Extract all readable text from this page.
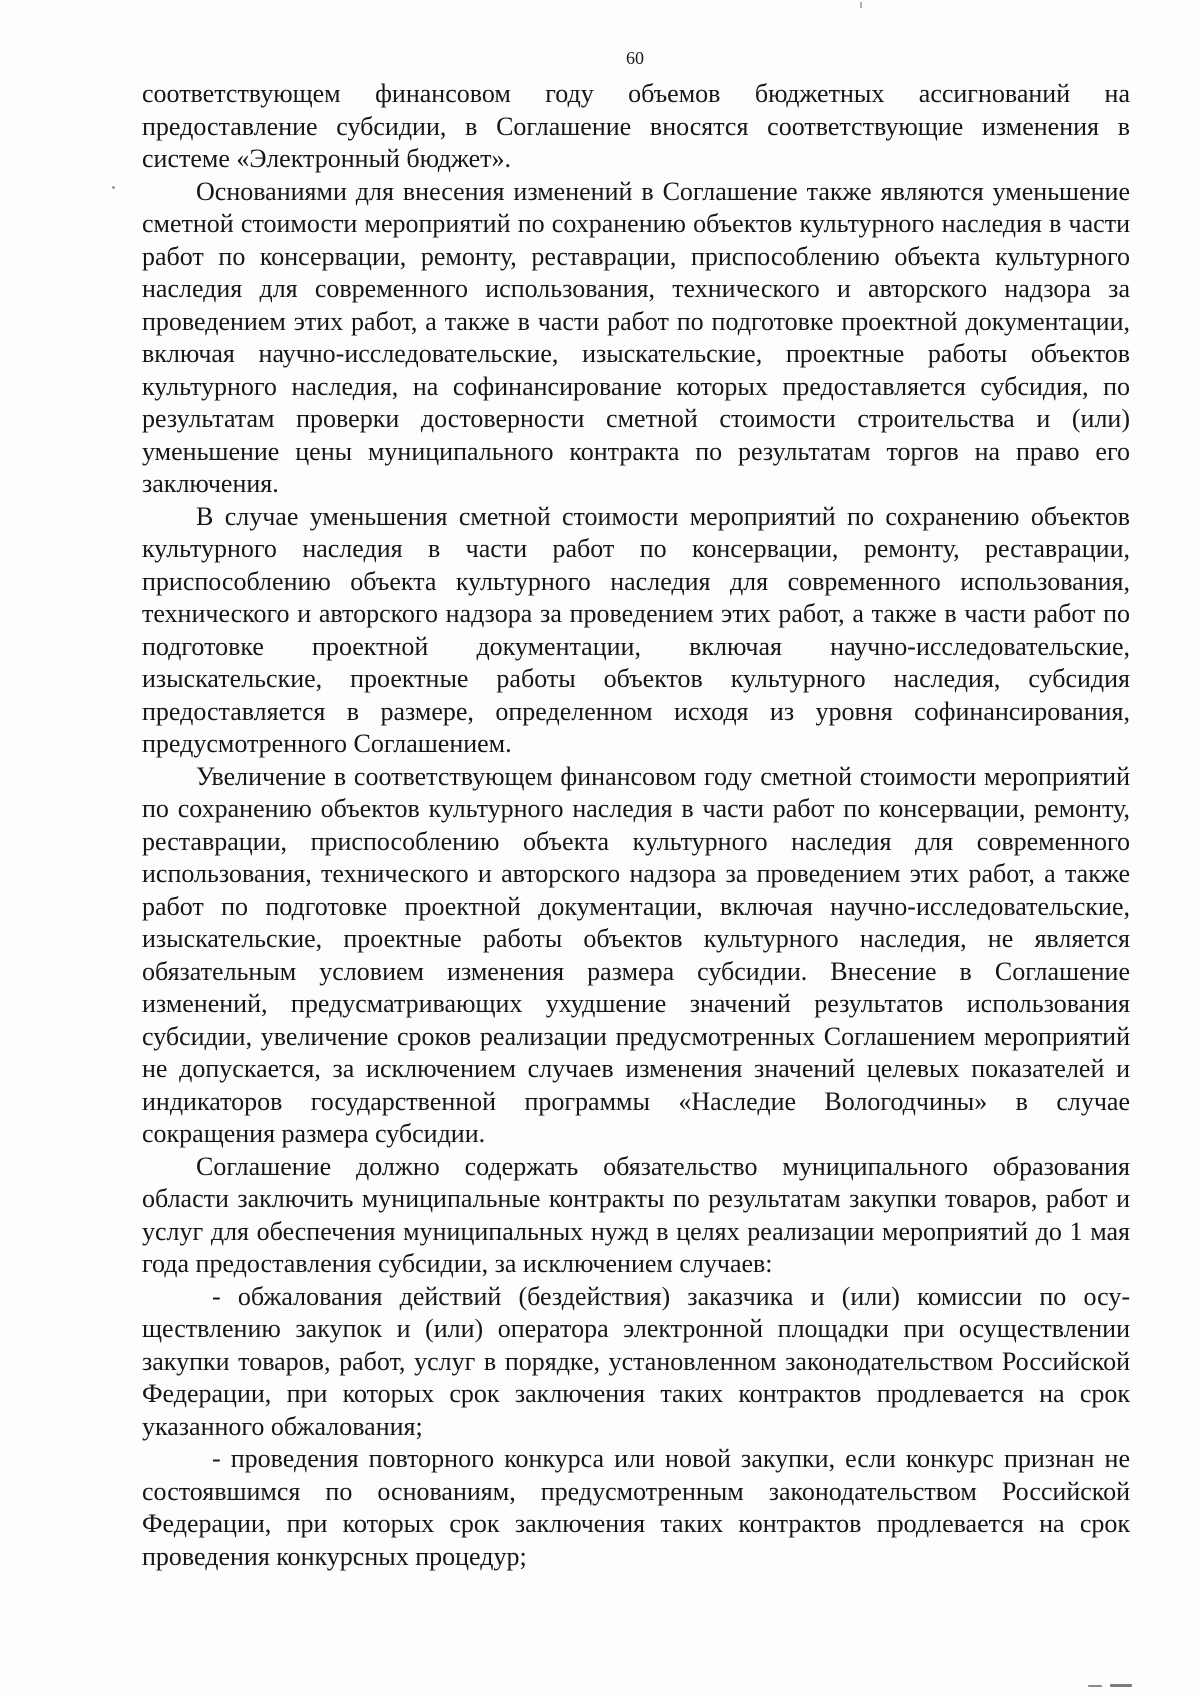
60

соответствующем финансовом году объемов бюджетных ассигнований на предоставление субсидии, в Соглашение вносятся соответствующие изменения в системе «Электронный бюджет».

Основаниями для внесения изменений в Соглашение также являются уменьшение сметной стоимости мероприятий по сохранению объектов культурного наследия в части работ по консервации, ремонту, реставрации, приспособлению объекта культурного наследия для современного использования, технического и авторского надзора за проведением этих работ, а также в части работ по подготовке проектной документации, включая научно-исследовательские, изыскательские, проектные работы объектов культурного наследия, на софинансирование которых предоставляется субсидия, по результатам проверки достоверности сметной стоимости строительства и (или) уменьшение цены муниципального контракта по результатам торгов на право его заключения.

В случае уменьшения сметной стоимости мероприятий по сохранению объектов культурного наследия в части работ по консервации, ремонту, реставрации, приспособлению объекта культурного наследия для современного использования, технического и авторского надзора за проведением этих работ, а также в части работ по подготовке проектной документации, включая научно-исследовательские, изыскательские, проектные работы объектов культурного наследия, субсидия предоставляется в размере, определенном исходя из уровня софинансирования, предусмотренного Соглашением.

Увеличение в соответствующем финансовом году сметной стоимости мероприятий по сохранению объектов культурного наследия в части работ по консервации, ремонту, реставрации, приспособлению объекта культурного наследия для современного использования, технического и авторского надзора за проведением этих работ, а также работ по подготовке проектной документации, включая научно-исследовательские, изыскательские, проектные работы объектов культурного наследия, не является обязательным условием изменения размера субсидии. Внесение в Соглашение изменений, предусматривающих ухудшение значений результатов использования субсидии, увеличение сроков реализации предусмотренных Соглашением мероприятий не допускается, за исключением случаев изменения значений целевых показателей и индикаторов государственной программы «Наследие Вологодчины» в случае сокращения размера субсидии.

Соглашение должно содержать обязательство муниципального образования области заключить муниципальные контракты по результатам закупки товаров, работ и услуг для обеспечения муниципальных нужд в целях реализации мероприятий до 1 мая года предоставления субсидии, за исключением случаев:

- обжалования действий (бездействия) заказчика и (или) комиссии по осуществлению закупок и (или) оператора электронной площадки при осуществлении закупки товаров, работ, услуг в порядке, установленном законодательством Российской Федерации, при которых срок заключения таких контрактов продлевается на срок указанного обжалования;

- проведения повторного конкурса или новой закупки, если конкурс признан не состоявшимся по основаниям, предусмотренным законодательством Российской Федерации, при которых срок заключения таких контрактов продлевается на срок проведения конкурсных процедур;
